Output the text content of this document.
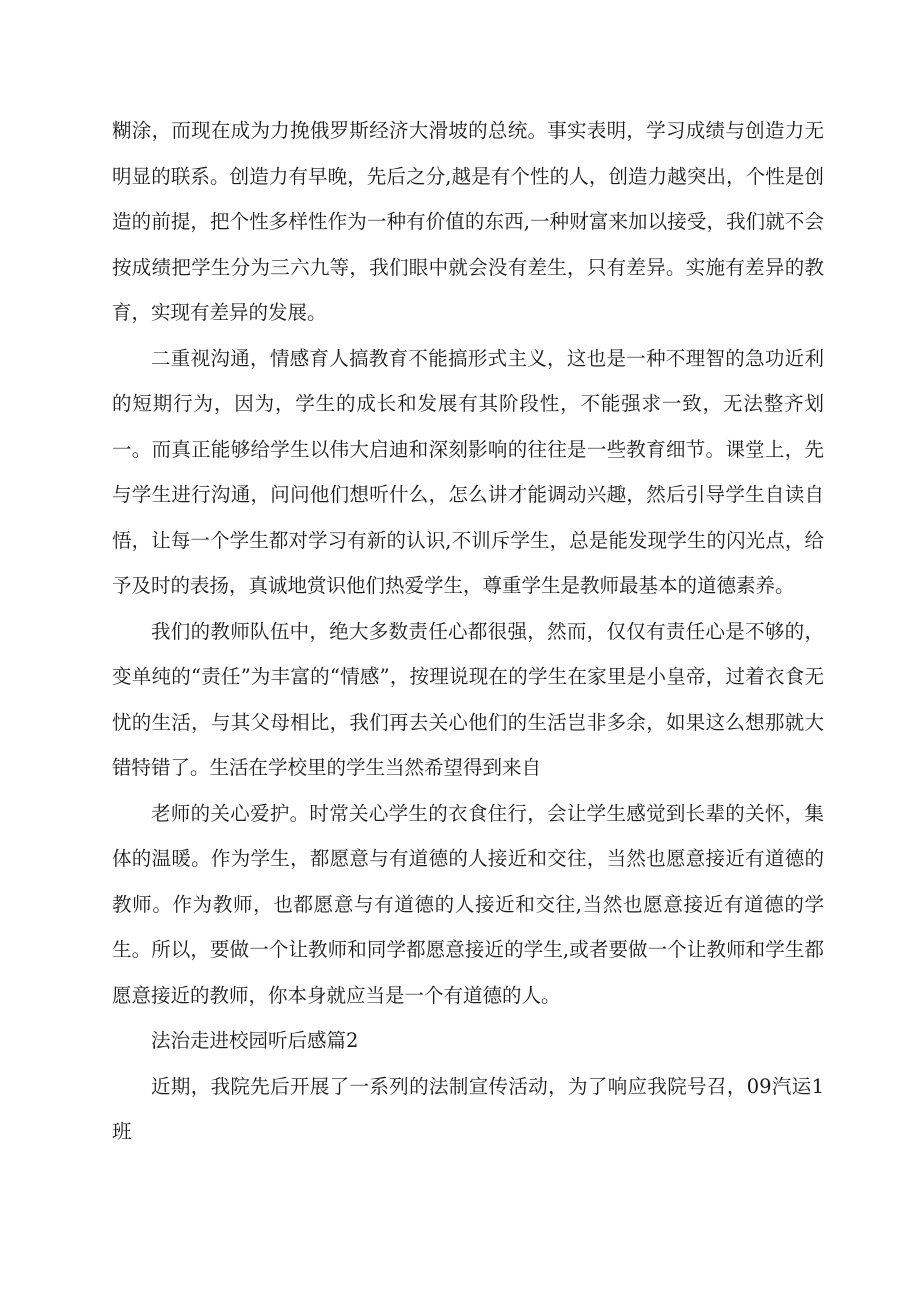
糊涂，而现在成为力挽俄罗斯经济大滑坡的总统。事实表明，学习成绩与创造力无明显的联系。创造力有早晚，先后之分,越是有个性的人，创造力越突出，个性是创造的前提，把个性多样性作为一种有价值的东西,一种财富来加以接受，我们就不会按成绩把学生分为三六九等，我们眼中就会没有差生，只有差异。实施有差异的教育，实现有差异的发展。

二重视沟通，情感育人搞教育不能搞形式主义，这也是一种不理智的急功近利的短期行为，因为，学生的成长和发展有其阶段性，不能强求一致，无法整齐划一。而真正能够给学生以伟大启迪和深刻影响的往往是一些教育细节。课堂上，先与学生进行沟通，问问他们想听什么，怎么讲才能调动兴趣，然后引导学生自读自悟，让每一个学生都对学习有新的认识,不训斥学生，总是能发现学生的闪光点，给予及时的表扬，真诚地赏识他们热爱学生，尊重学生是教师最基本的道德素养。

我们的教师队伍中，绝大多数责任心都很强，然而，仅仅有责任心是不够的，变单纯的“责任”为丰富的“情感”，按理说现在的学生在家里是小皇帝，过着衣食无忧的生活，与其父母相比，我们再去关心他们的生活岂非多余，如果这么想那就大错特错了。生活在学校里的学生当然希望得到来自

老师的关心爱护。时常关心学生的衣食住行，会让学生感觉到长辈的关怀，集体的温暖。作为学生，都愿意与有道德的人接近和交往，当然也愿意接近有道德的教师。作为教师，也都愿意与有道德的人接近和交往,当然也愿意接近有道德的学生。所以，要做一个让教师和同学都愿意接近的学生,或者要做一个让教师和学生都愿意接近的教师，你本身就应当是一个有道德的人。

法治走进校园听后感篇2

近期，我院先后开展了一系列的法制宣传活动，为了响应我院号召，09汽运1班
